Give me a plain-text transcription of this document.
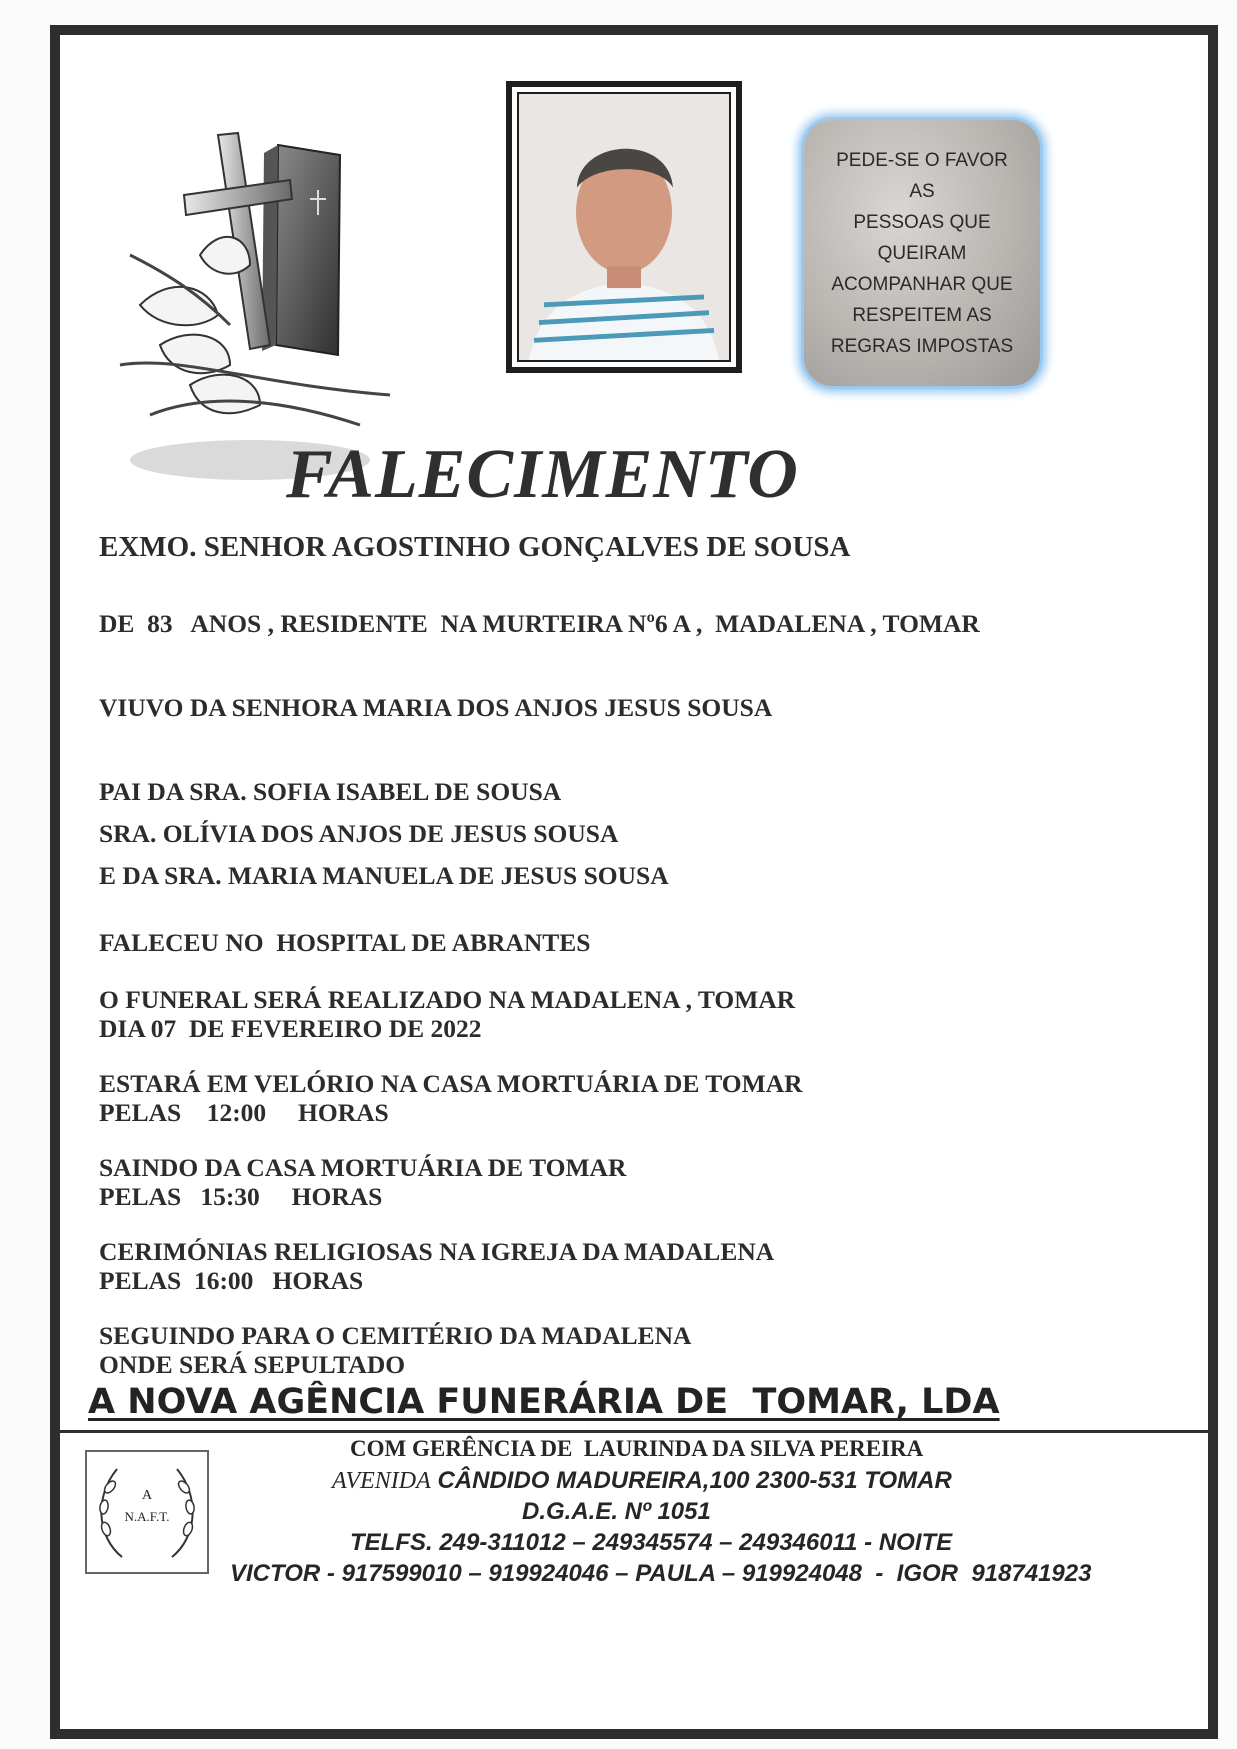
PEDE-SE O FAVOR AS
PESSOAS QUE
QUEIRAM
ACOMPANHAR QUE
RESPEITEM AS
REGRAS IMPOSTAS
FALECIMENTO
EXMO. SENHOR AGOSTINHO GONÇALVES DE SOUSA
DE  83   ANOS , RESIDENTE  NA MURTEIRA Nº6 A ,  MADALENA , TOMAR
VIUVO DA SENHORA MARIA DOS ANJOS JESUS SOUSA
PAI DA SRA. SOFIA ISABEL DE SOUSA
SRA. OLÍVIA DOS ANJOS DE JESUS SOUSA
E DA SRA. MARIA MANUELA DE JESUS SOUSA
FALECEU NO  HOSPITAL DE ABRANTES
O FUNERAL SERÁ REALIZADO NA MADALENA , TOMAR
DIA 07  DE FEVEREIRO DE 2022
ESTARÁ EM VELÓRIO NA CASA MORTUÁRIA DE TOMAR
PELAS    12:00     HORAS
SAINDO DA CASA MORTUÁRIA DE TOMAR
PELAS   15:30     HORAS
CERIMÓNIAS RELIGIOSAS NA IGREJA DA MADALENA
PELAS  16:00   HORAS
SEGUINDO PARA O CEMITÉRIO DA MADALENA
ONDE SERÁ SEPULTADO
A NOVA AGÊNCIA FUNERÁRIA DE  TOMAR, LDA
A
N.A.F.T.
COM GERÊNCIA DE  LAURINDA DA SILVA PEREIRA
AVENIDA CÂNDIDO MADUREIRA,100 2300-531 TOMAR
D.G.A.E. Nº 1051
TELFS. 249-311012 – 249345574 – 249346011 - NOITE
VICTOR - 917599010 – 919924046 – PAULA – 919924048  -  IGOR  918741923
